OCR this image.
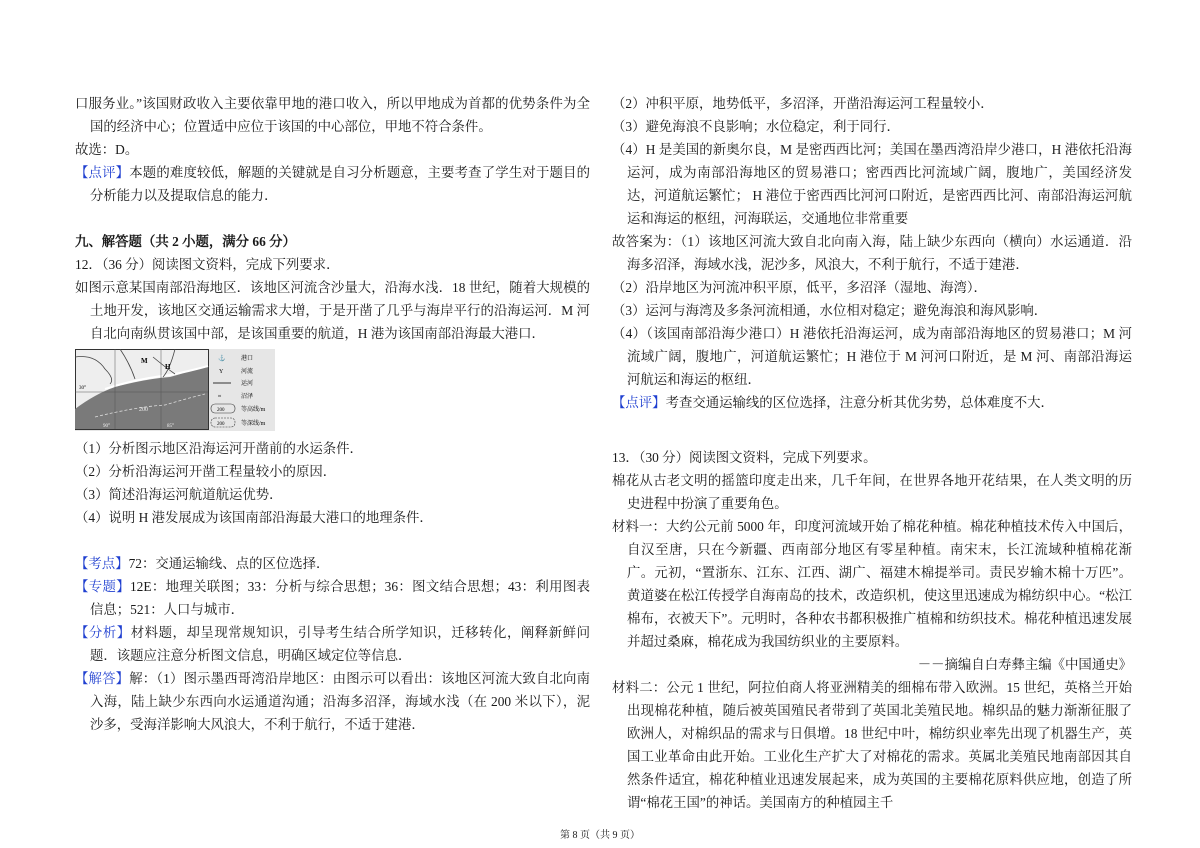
口服务业。”该国财政收入主要依靠甲地的港口收入，所以甲地成为首都的优势条件为全国的经济中心；位置适中应位于该国的中心部位，甲地不符合条件。

故选：D。

【点评】本题的难度较低，解题的关键就是自习分析题意，主要考查了学生对于题目的分析能力以及提取信息的能力．

九、解答题（共 2 小题，满分 66 分）

12．（36 分）阅读图文资料，完成下列要求．

如图示意某国南部沿海地区．该地区河流含沙量大，沿海水浅．18 世纪，随着大规模的土地开发，该地区交通运输需求大增，于是开凿了几乎与海岸平行的沿海运河．M 河自北向南纵贯该国中部，是该国重要的航道，H 港为该国南部沿海最大港口．

M
H
200
30°
90°	85°
⚓	港口
Y	河流
运河
≈	沼泽
200	等高线/m
200	等深线/m

（1）分析图示地区沿海运河开凿前的水运条件．

（2）分析沿海运河开凿工程量较小的原因．

（3）简述沿海运河航道航运优势．

（4）说明 H 港发展成为该国南部沿海最大港口的地理条件．

【考点】72：交通运输线、点的区位选择．

【专题】12E：地理关联图；33：分析与综合思想；36：图文结合思想；43：利用图表信息；521：人口与城市．

【分析】材料题，却呈现常规知识，引导考生结合所学知识，迁移转化，阐释新鲜问题．该题应注意分析图文信息，明确区域定位等信息．

【解答】解：（1）图示墨西哥湾沿岸地区：由图示可以看出：该地区河流大致自北向南入海，陆上缺少东西向水运通道沟通；沿海多沼泽，海域水浅（在 200 米以下），泥沙多，受海洋影响大风浪大，不利于航行，不适于建港．

（2）冲积平原，地势低平，多沼泽，开凿沿海运河工程量较小．

（3）避免海浪不良影响；水位稳定，利于同行．

（4）H 是美国的新奥尔良，M 是密西西比河；美国在墨西湾沿岸少港口，H 港依托沿海运河，成为南部沿海地区的贸易港口；密西西比河流域广阔，腹地广，美国经济发达，河道航运繁忙； H 港位于密西西比河河口附近，是密西西比河、南部沿海运河航运和海运的枢纽，河海联运，交通地位非常重要

故答案为：（1）该地区河流大致自北向南入海，陆上缺少东西向（横向）水运通道．沿海多沼泽，海域水浅，泥沙多，风浪大，不利于航行，不适于建港．

（2）沿岸地区为河流冲积平原，低平，多沼泽（湿地、海湾）．

（3）运河与海湾及多条河流相通，水位相对稳定；避免海浪和海风影响．

（4）（该国南部沿海少港口）H 港依托沿海运河，成为南部沿海地区的贸易港口；M 河流域广阔，腹地广，河道航运繁忙；H 港位于 M 河河口附近，是 M 河、南部沿海运河航运和海运的枢纽．

【点评】考查交通运输线的区位选择，注意分析其优劣势，总体难度不大．

13．（30 分）阅读图文资料，完成下列要求。

棉花从古老文明的摇篮印度走出来，几千年间，在世界各地开花结果，在人类文明的历史进程中扮演了重要角色。

材料一：大约公元前 5000 年，印度河流域开始了棉花种植。棉花种植技术传入中国后，自汉至唐，只在今新疆、西南部分地区有零星种植。南宋末，长江流域种植棉花渐广。元初，“置浙东、江东、江西、湖广、福建木棉提举司。责民岁输木棉十万匹”。黄道婆在松江传授学自海南岛的技术，改造织机，使这里迅速成为棉纺织中心。“松江棉布，衣被天下”。元明时，各种农书都积极推广植棉和纺织技术。棉花种植迅速发展并超过桑麻，棉花成为我国纺织业的主要原料。

－－摘编自白寿彝主编《中国通史》

材料二：公元 1 世纪，阿拉伯商人将亚洲精美的细棉布带入欧洲。15 世纪，英格兰开始出现棉花种植，随后被英国殖民者带到了英国北美殖民地。棉织品的魅力渐渐征服了欧洲人，对棉织品的需求与日俱增。18 世纪中叶，棉纺织业率先出现了机器生产，英国工业革命由此开始。工业化生产扩大了对棉花的需求。英属北美殖民地南部因其自然条件适宜，棉花种植业迅速发展起来，成为英国的主要棉花原料供应地，创造了所谓“棉花王国”的神话。美国南方的种植园主千

第 8 页（共 9 页）
